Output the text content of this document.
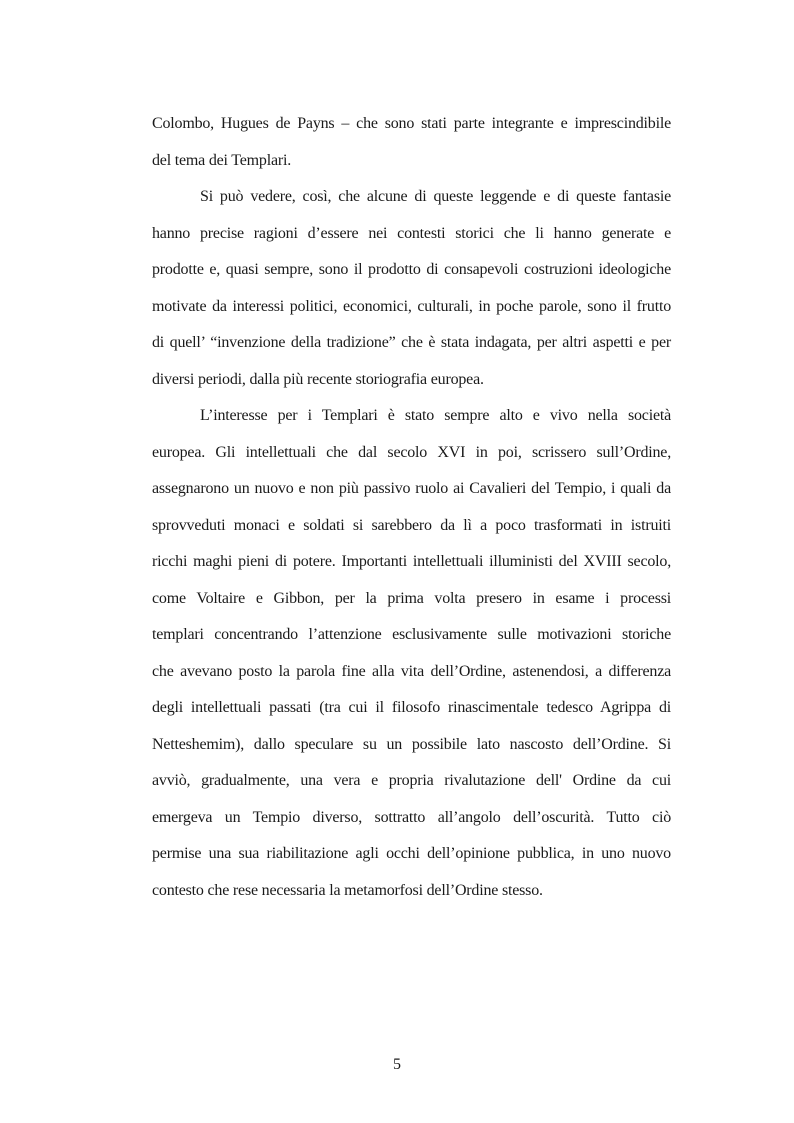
Colombo, Hugues de Payns – che sono stati parte integrante e imprescindibile
del tema dei Templari.
Si può vedere, così, che alcune di queste leggende e di queste fantasie
hanno precise ragioni d’essere nei contesti storici che li hanno generate e
prodotte e, quasi sempre, sono il prodotto di consapevoli costruzioni ideologiche
motivate da interessi politici, economici, culturali, in poche parole, sono il frutto
di quell’ “invenzione della tradizione” che è stata indagata, per altri aspetti e per
diversi periodi, dalla più recente storiografia europea.
L’interesse per i Templari è stato sempre alto e vivo nella società
europea. Gli intellettuali che dal secolo XVI in poi, scrissero sull’Ordine,
assegnarono un nuovo e non più passivo ruolo ai Cavalieri del Tempio, i quali da
sprovveduti monaci e soldati si sarebbero da lì a poco trasformati in istruiti
ricchi maghi pieni di potere. Importanti intellettuali illuministi del XVIII secolo,
come Voltaire e Gibbon, per la prima volta presero in esame i processi
templari concentrando l’attenzione esclusivamente sulle motivazioni storiche
che avevano posto la parola fine alla vita dell’Ordine, astenendosi, a differenza
degli intellettuali passati (tra cui il filosofo rinascimentale tedesco Agrippa di
Netteshemim), dallo speculare su un possibile lato nascosto dell’Ordine. Si
avviò, gradualmente, una vera e propria rivalutazione dell' Ordine da cui
emergeva un Tempio diverso, sottratto all’angolo dell’oscurità. Tutto ciò
permise una sua riabilitazione agli occhi dell’opinione pubblica, in uno nuovo
contesto che rese necessaria la metamorfosi dell’Ordine stesso.
5
